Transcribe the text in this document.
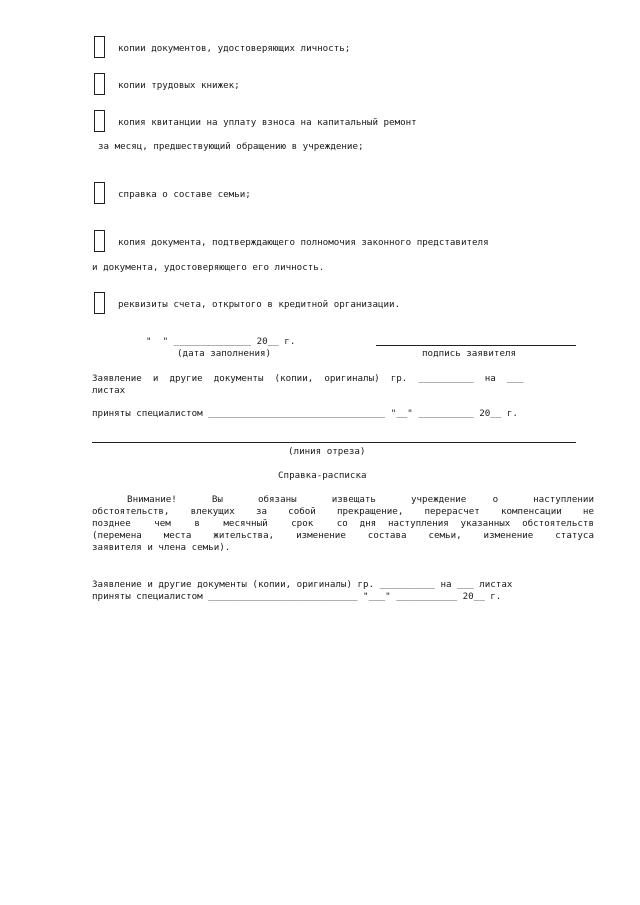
копии документов, удостоверяющих личность;
копии трудовых книжек;
копия квитанции на уплату взноса на капитальный ремонт
за месяц, предшествующий обращению в учреждение;
справка о составе семьи;
копия документа, подтверждающего полномочия законного представителя
и документа, удостоверяющего его личность.
реквизиты счета, открытого в кредитной организации.
"  " ______________ 20__ г.
(дата заполнения)	подпись заявителя
Заявление  и  другие  документы  (копии,  оригиналы)  гр.  __________  на  ___
листах
приняты специалистом ________________________________ "__" __________ 20__ г.
(линия отреза)
Справка-расписка
Внимание!    Вы    обязаны    извещать    учреждение   о    наступлении
обстоятельств,  влекущих  за  собой  прекращение,  перерасчет  компенсации  не
позднее  чем  в  месячный  срок  со дня наступления указанных обстоятельств
(перемена  места  жительства,  изменение  состава  семьи,  изменение  статуса
заявителя и члена семьи).
Заявление и другие документы (копии, оригиналы) гр. __________ на ___ листах
приняты специалистом ___________________________ "___" ___________ 20__ г.
